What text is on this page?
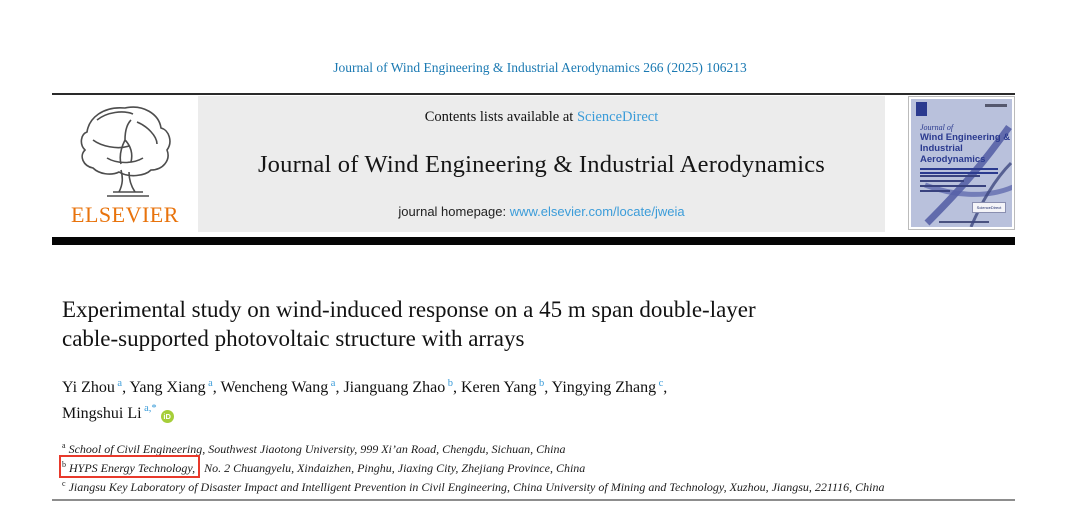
Journal of Wind Engineering & Industrial Aerodynamics 266 (2025) 106213
ELSEVIER
Contents lists available at ScienceDirect
Journal of Wind Engineering & Industrial Aerodynamics
journal homepage: www.elsevier.com/locate/jweia
Journal of
Wind Engineering &
Industrial Aerodynamics
ScienceDirect
Experimental study on wind-induced response on a 45 m span double-layer
cable-supported photovoltaic structure with arrays
Yi Zhou $^a$, Yang Xiang $^a$, Wencheng Wang $^a$, Jianguang Zhao $^b$, Keren Yang $^b$, Yingying Zhang $^c$,
Mingshui Li $^{a,*}$iD
$^a$ School of Civil Engineering, Southwest Jiaotong University, 999 Xi’an Road, Chengdu, Sichuan, China
$^b$ HYPS Energy Technology, No. 2 Chuangyelu, Xindaizhen, Pinghu, Jiaxing City, Zhejiang Province, China
$^c$ Jiangsu Key Laboratory of Disaster Impact and Intelligent Prevention in Civil Engineering, China University of Mining and Technology, Xuzhou, Jiangsu, 221116, China
